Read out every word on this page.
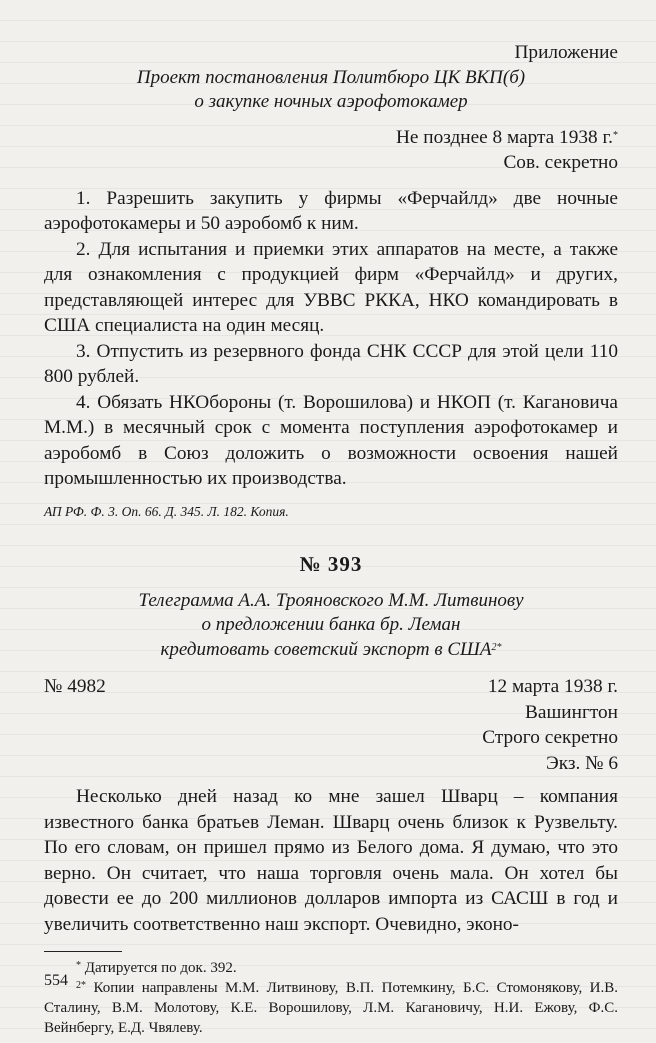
Приложение

Проект постановления Политбюро ЦК ВКП(б)

о закупке ночных аэрофотокамер

Не позднее 8 марта 1938 г.*

Сов. секретно

1. Разрешить закупить у фирмы «Ферчайлд» две ночные аэрофотокамеры и 50 аэробомб к ним.

2. Для испытания и приемки этих аппаратов на месте, а также для ознакомления с продукцией фирм «Ферчайлд» и других, представляющей интерес для УВВС РККА, НКО командировать в США специалиста на один месяц.

3. Отпустить из резервного фонда СНК СССР для этой цели 110 800 рублей.

4. Обязать НКОбороны (т. Ворошилова) и НКОП (т. Кагановича М.М.) в месячный срок с момента поступления аэрофотокамер и аэробомб в Союз доложить о возможности освоения нашей промышленностью их производства.

АП РФ. Ф. 3. Оп. 66. Д. 345. Л. 182. Копия.

№ 393

Телеграмма А.А. Трояновского М.М. Литвинову

о предложении банка бр. Леман

кредитовать советский экспорт в $США^{2*}$

№ 4982	12 марта 1938 г.

Вашингтон

Строго секретно

Экз. № 6

Несколько дней назад ко мне зашел Шварц – компания известного банка братьев Леман. Шварц очень близок к Рузвельту. По его словам, он пришел прямо из Белого дома. Я думаю, что это верно. Он считает, что наша торговля очень мала. Он хотел бы довести ее до 200 миллионов долларов импорта из САСШ в год и увеличить соответственно наш экспорт. Очевидно, эконо-

* Датируется по док. 392.

$^{2*}$ Копии направлены М.М. Литвинову, В.П. Потемкину, Б.С. Стомонякову, И.В. Сталину, В.М. Молотову, К.Е. Ворошилову, Л.М. Кагановичу, Н.И. Ежову, Ф.С. Вейнбергу, Е.Д. Чвялеву.

554
